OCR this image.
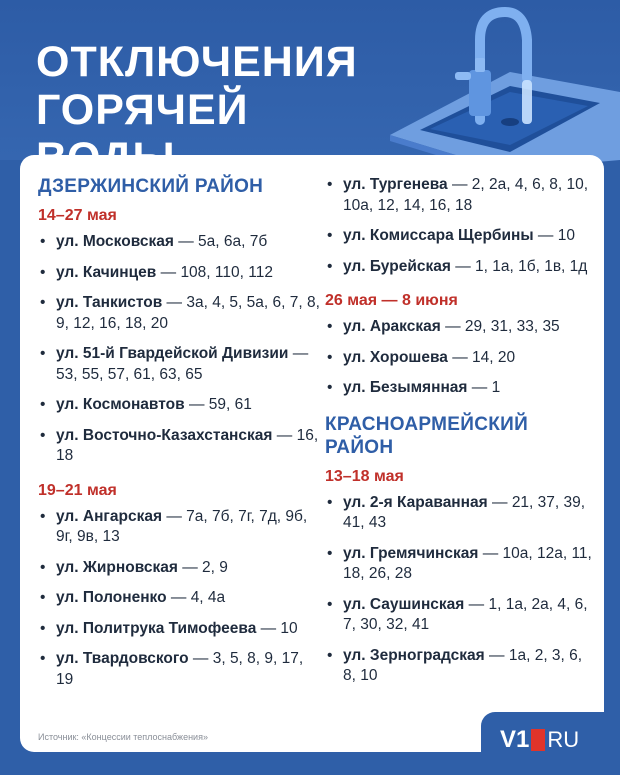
ОТКЛЮЧЕНИЯ
ГОРЯЧЕЙ
ДЗЕРЖИНСКИЙ РАЙОН
14–27 мая
• ул. Московская — 5а, 6а, 7б
• ул. Качинцев — 108, 110, 112
• ул. Танкистов — 3а, 4, 5, 5а, 6, 7, 8, 9, 12, 16, 18, 20
• ул. 51-й Гвардейской Дивизии — 53, 55, 57, 61, 63, 65
• ул. Космонавтов — 59, 61
• ул. Восточно-Казахстанская — 16, 18
19–21 мая
• ул. Ангарская — 7а, 7б, 7г, 7д, 9б, 9г, 9в, 13
• ул. Жирновская — 2, 9
• ул. Полоненко — 4, 4а
• ул. Политрука Тимофеева — 10
• ул. Твардовского — 3, 5, 8, 9, 17, 19
• ул. Тургенева — 2, 2а, 4, 6, 8, 10, 10а, 12, 14, 16, 18
• ул. Комиссара Щербины — 10
• ул. Бурейская — 1, 1а, 1б, 1в, 1д
26 мая — 8 июня
• ул. Аракская — 29, 31, 33, 35
• ул. Хорошева — 14, 20
• ул. Безымянная — 1
КРАСНОАРМЕЙСКИЙ
РАЙОН
13–18 мая
• ул. 2-я Караванная — 21, 37, 39, 41, 43
• ул. Гремячинская — 10а, 12а, 11, 18, 26, 28
• ул. Саушинская — 1, 1а, 2а, 4, 6, 7, 30, 32, 41
• ул. Зерноградская — 1а, 2, 3, 6, 8, 10
Источник: «Концессии теплоснабжения»	V1 RU
